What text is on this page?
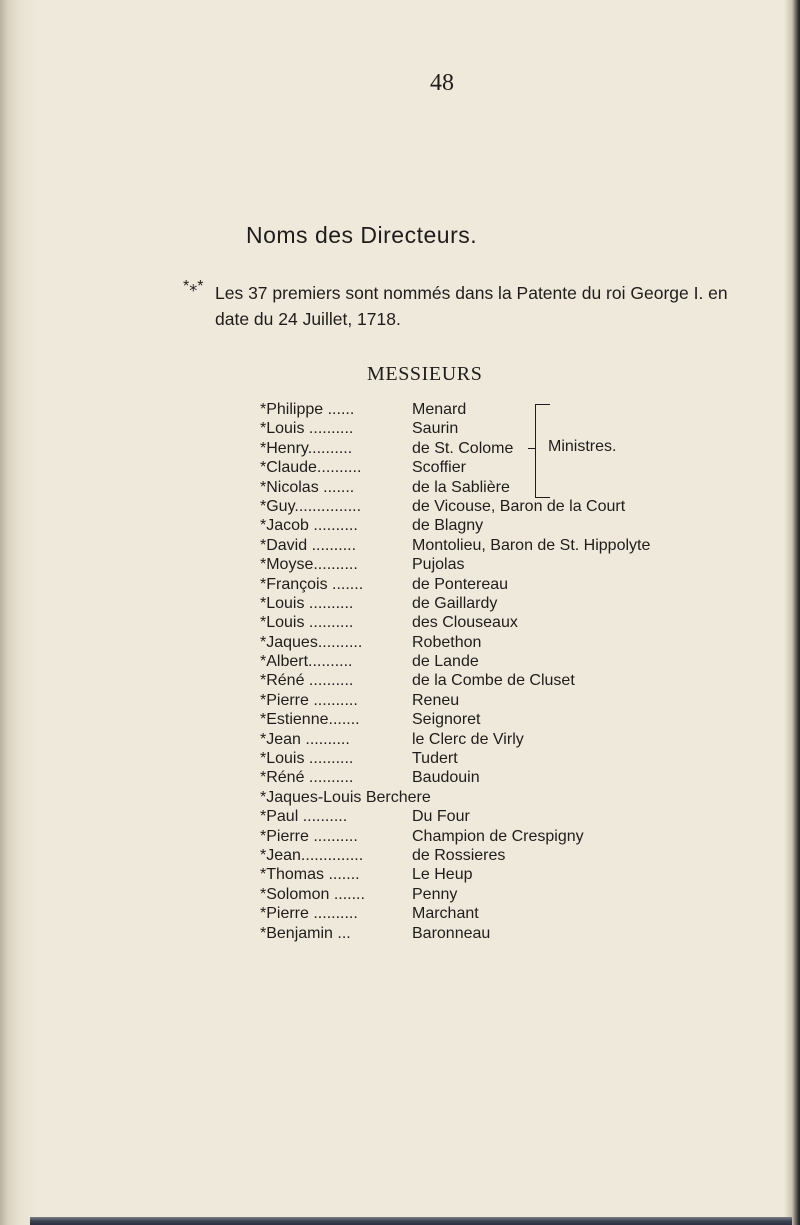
48
Noms des Directeurs.
*⁎* Les 37 premiers sont nommés dans la Patente du roi George I. en date du 24 Juillet, 1718.
MESSIEURS
*Philippe ......	Menard
*Louis ..........	Saurin
*Henry..........	de St. Colome
*Claude..........	Scoffier
*Nicolas .......	de la Sablière
*Guy...............	de Vicouse, Baron de la Court
*Jacob ..........	de Blagny
*David ..........	Montolieu, Baron de St. Hippolyte
*Moyse..........	Pujolas
*François .......	de Pontereau
*Louis ..........	de Gaillardy
*Louis ..........	des Clouseaux
*Jaques..........	Robethon
*Albert..........	de Lande
*Réné ..........	de la Combe de Cluset
*Pierre ..........	Reneu
*Estienne.......	Seignoret
*Jean ..........	le Clerc de Virly
*Louis ..........	Tudert
*Réné ..........	Baudouin
*Jaques-Louis Berchere
*Paul ..........	Du Four
*Pierre ..........	Champion de Crespigny
*Jean..............	de Rossieres
*Thomas .......	Le Heup
*Solomon .......	Penny
*Pierre ..........	Marchant
*Benjamin ...	Baronneau
Ministres.
